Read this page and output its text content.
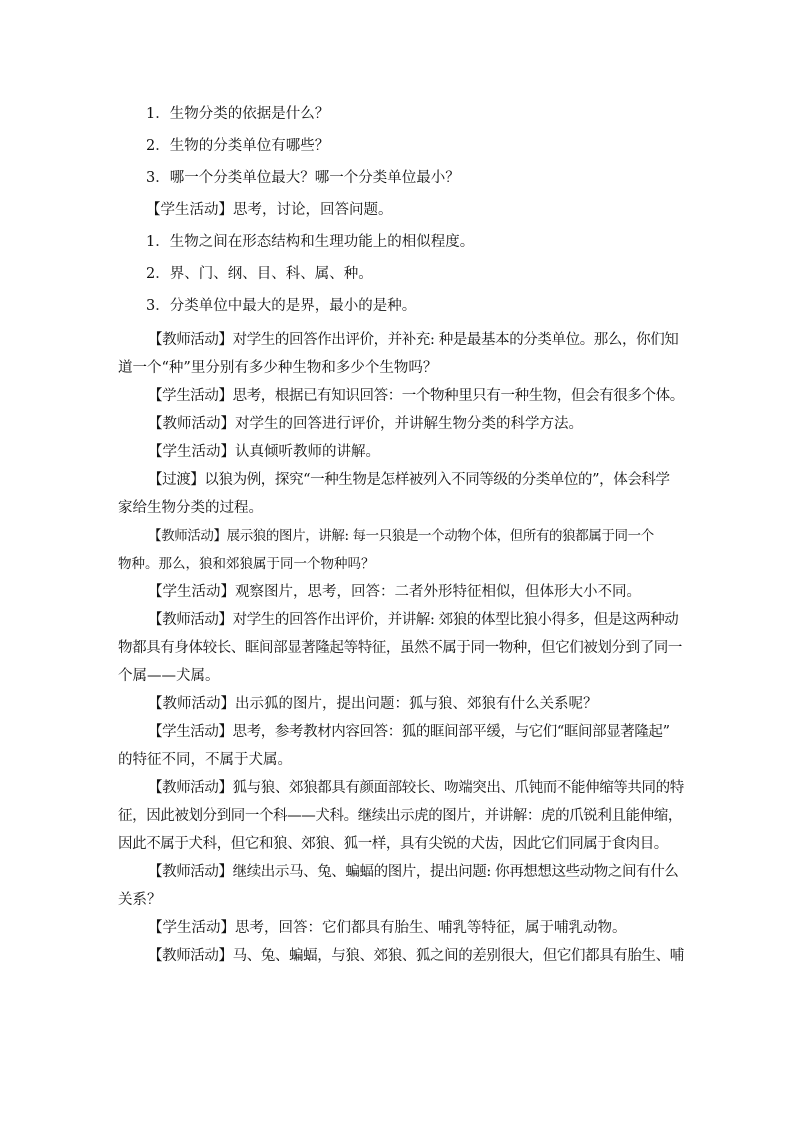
1．生物分类的依据是什么？

2．生物的分类单位有哪些？

3．哪一个分类单位最大？哪一个分类单位最小？

【学生活动】思考，讨论，回答问题。

1．生物之间在形态结构和生理功能上的相似程度。

2．界、门、纲、目、科、属、种。

3．分类单位中最大的是界，最小的是种。

【教师活动】对学生的回答作出评价，并补充: 种是最基本的分类单位。那么，你们知
道一个“种”里分别有多少种生物和多少个生物吗？
【学生活动】思考，根据已有知识回答：一个物种里只有一种生物，但会有很多个体。
【教师活动】对学生的回答进行评价，并讲解生物分类的科学方法。
【学生活动】认真倾听教师的讲解。
【过渡】以狼为例，探究“一种生物是怎样被列入不同等级的分类单位的”，体会科学
家给生物分类的过程。
【教师活动】展示狼的图片，讲解: 每一只狼是一个动物个体，但所有的狼都属于同一个
物种。那么，狼和郊狼属于同一个物种吗？
【学生活动】观察图片，思考，回答：二者外形特征相似，但体形大小不同。
【教师活动】对学生的回答作出评价，并讲解: 郊狼的体型比狼小得多，但是这两种动
物都具有身体较长、眶间部显著隆起等特征，虽然不属于同一物种，但它们被划分到了同一
个属——犬属。
【教师活动】出示狐的图片，提出问题：狐与狼、郊狼有什么关系呢？
【学生活动】思考，参考教材内容回答：狐的眶间部平缓，与它们“眶间部显著隆起”
的特征不同，不属于犬属。
【教师活动】狐与狼、郊狼都具有颜面部较长、吻端突出、爪钝而不能伸缩等共同的特
征，因此被划分到同一个科——犬科。继续出示虎的图片，并讲解：虎的爪锐利且能伸缩，
因此不属于犬科，但它和狼、郊狼、狐一样，具有尖锐的犬齿，因此它们同属于食肉目。
【教师活动】继续出示马、兔、蝙蝠的图片，提出问题: 你再想想这些动物之间有什么
关系？
【学生活动】思考，回答：它们都具有胎生、哺乳等特征，属于哺乳动物。
【教师活动】马、兔、蝙蝠，与狼、郊狼、狐之间的差别很大，但它们都具有胎生、哺
